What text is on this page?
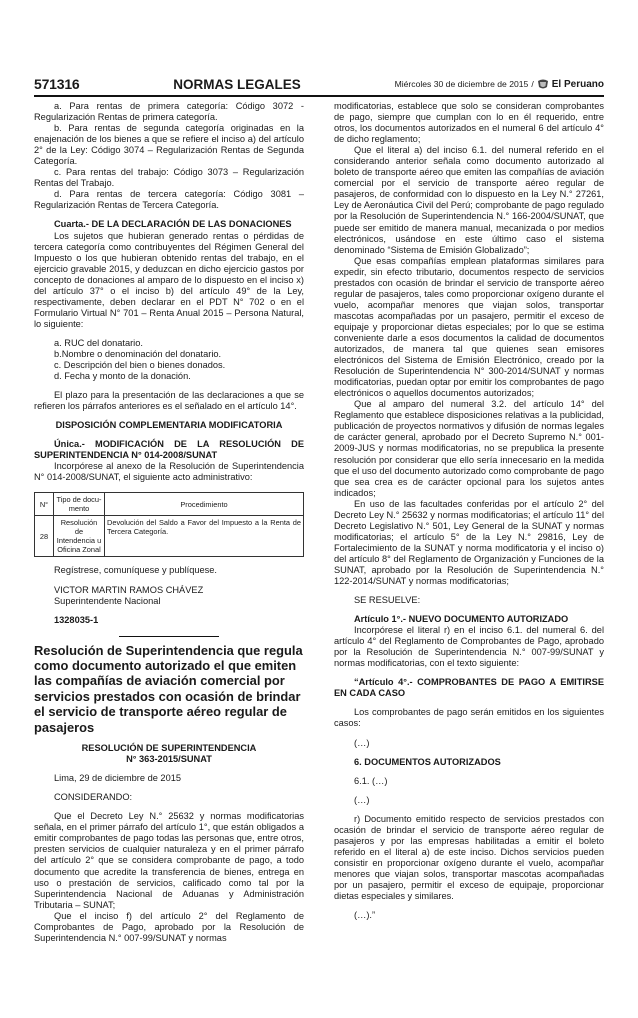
571316	NORMAS LEGALES	Miércoles 30 de diciembre de 2015 / El Peruano

a. Para rentas de primera categoría: Código 3072 - Regularización Rentas de primera categoría.

b. Para rentas de segunda categoría originadas en la enajenación de los bienes a que se refiere el inciso a) del artículo 2° de la Ley: Código 3074 – Regularización Rentas de Segunda Categoría.

c. Para rentas del trabajo: Código 3073 – Regularización Rentas del Trabajo.

d. Para rentas de tercera categoría: Código 3081 – Regularización Rentas de Tercera Categoría.

Cuarta.- DE LA DECLARACIÓN DE LAS DONACIONES

Los sujetos que hubieran generado rentas o pérdidas de tercera categoría como contribuyentes del Régimen General del Impuesto o los que hubieran obtenido rentas del trabajo, en el ejercicio gravable 2015, y deduzcan en dicho ejercicio gastos por concepto de donaciones al amparo de lo dispuesto en el inciso x) del artículo 37° o el inciso b) del artículo 49° de la Ley, respectivamente, deben declarar en el PDT N° 702 o en el Formulario Virtual N° 701 – Renta Anual 2015 – Persona Natural, lo siguiente:

a. RUC del donatario.

b.Nombre o denominación del donatario.

c. Descripción del bien o bienes donados.

d. Fecha y monto de la donación.

El plazo para la presentación de las declaraciones a que se refieren los párrafos anteriores es el señalado en el artículo 14°.

DISPOSICIÓN COMPLEMENTARIA MODIFICATORIA

Única.- MODIFICACIÓN DE LA RESOLUCIÓN DE SUPERINTENDENCIA N° 014-2008/SUNAT

Incorpórese al anexo de la Resolución de Superintendencia N° 014-2008/SUNAT, el siguiente acto administrativo:

N°	Tipo de docu-mento	Procedimiento
28	Resolución de Intendencia u Oficina Zonal	Devolución del Saldo a Favor del Impuesto a la Renta de Tercera Categoría.

Regístrese, comuníquese y publíquese.

VICTOR MARTIN RAMOS CHÁVEZ

Superintendente Nacional

1328035-1

Resolución de Superintendencia que regula como documento autorizado el que emiten las compañías de aviación comercial por servicios prestados con ocasión de brindar el servicio de transporte aéreo regular de pasajeros

RESOLUCIÓN DE SUPERINTENDENCIA

N° 363-2015/SUNAT

Lima, 29 de diciembre de 2015

CONSIDERANDO:

Que el Decreto Ley N.° 25632 y normas modificatorias señala, en el primer párrafo del artículo 1°, que están obligados a emitir comprobantes de pago todas las personas que, entre otros, presten servicios de cualquier naturaleza y en el primer párrafo del artículo 2° que se considera comprobante de pago, a todo documento que acredite la transferencia de bienes, entrega en uso o prestación de servicios, calificado como tal por la Superintendencia Nacional de Aduanas y Administración Tributaria – SUNAT;

Que el inciso f) del artículo 2° del Reglamento de Comprobantes de Pago, aprobado por la Resolución de Superintendencia N.° 007-99/SUNAT y normas

modificatorias, establece que solo se consideran comprobantes de pago, siempre que cumplan con lo en él requerido, entre otros, los documentos autorizados en el numeral 6 del artículo 4° de dicho reglamento;

Que el literal a) del inciso 6.1. del numeral referido en el considerando anterior señala como documento autorizado al boleto de transporte aéreo que emiten las compañías de aviación comercial por el servicio de transporte aéreo regular de pasajeros, de conformidad con lo dispuesto en la Ley N.° 27261, Ley de Aeronáutica Civil del Perú; comprobante de pago regulado por la Resolución de Superintendencia N.° 166-2004/SUNAT, que puede ser emitido de manera manual, mecanizada o por medios electrónicos, usándose en este último caso el sistema denominado “Sistema de Emisión Globalizado”;

Que esas compañías emplean plataformas similares para expedir, sin efecto tributario, documentos respecto de servicios prestados con ocasión de brindar el servicio de transporte aéreo regular de pasajeros, tales como proporcionar oxígeno durante el vuelo, acompañar menores que viajan solos, transportar mascotas acompañadas por un pasajero, permitir el exceso de equipaje y proporcionar dietas especiales; por lo que se estima conveniente darle a esos documentos la calidad de documentos autorizados, de manera tal que quienes sean emisores electrónicos del Sistema de Emisión Electrónico, creado por la Resolución de Superintendencia N° 300-2014/SUNAT y normas modificatorias, puedan optar por emitir los comprobantes de pago electrónicos o aquellos documentos autorizados;

Que al amparo del numeral 3.2. del artículo 14° del Reglamento que establece disposiciones relativas a la publicidad, publicación de proyectos normativos y difusión de normas legales de carácter general, aprobado por el Decreto Supremo N.° 001-2009-JUS y normas modificatorias, no se prepublica la presente resolución por considerar que ello sería innecesario en la medida que el uso del documento autorizado como comprobante de pago que sea crea es de carácter opcional para los sujetos antes indicados;

En uso de las facultades conferidas por el artículo 2° del Decreto Ley N.° 25632 y normas modificatorias; el artículo 11° del Decreto Legislativo N.° 501, Ley General de la SUNAT y normas modificatorias; el artículo 5° de la Ley N.° 29816, Ley de Fortalecimiento de la SUNAT y norma modificatoria y el inciso o) del artículo 8° del Reglamento de Organización y Funciones de la SUNAT, aprobado por la Resolución de Superintendencia N.° 122-2014/SUNAT y normas modificatorias;

SE RESUELVE:

Artículo 1°.- NUEVO DOCUMENTO AUTORIZADO

Incorpórese el literal r) en el inciso 6.1. del numeral 6. del artículo 4° del Reglamento de Comprobantes de Pago, aprobado por la Resolución de Superintendencia N.° 007-99/SUNAT y normas modificatorias, con el texto siguiente:

“Artículo 4°.- COMPROBANTES DE PAGO A EMITIRSE EN CADA CASO

Los comprobantes de pago serán emitidos en los siguientes casos:

(…)

6. DOCUMENTOS AUTORIZADOS

6.1. (…)

(…)

r) Documento emitido respecto de servicios prestados con ocasión de brindar el servicio de transporte aéreo regular de pasajeros y por las empresas habilitadas a emitir el boleto referido en el literal a) de este inciso. Dichos servicios pueden consistir en proporcionar oxígeno durante el vuelo, acompañar menores que viajan solos, transportar mascotas acompañadas por un pasajero, permitir el exceso de equipaje, proporcionar dietas especiales y similares.

(…).”
